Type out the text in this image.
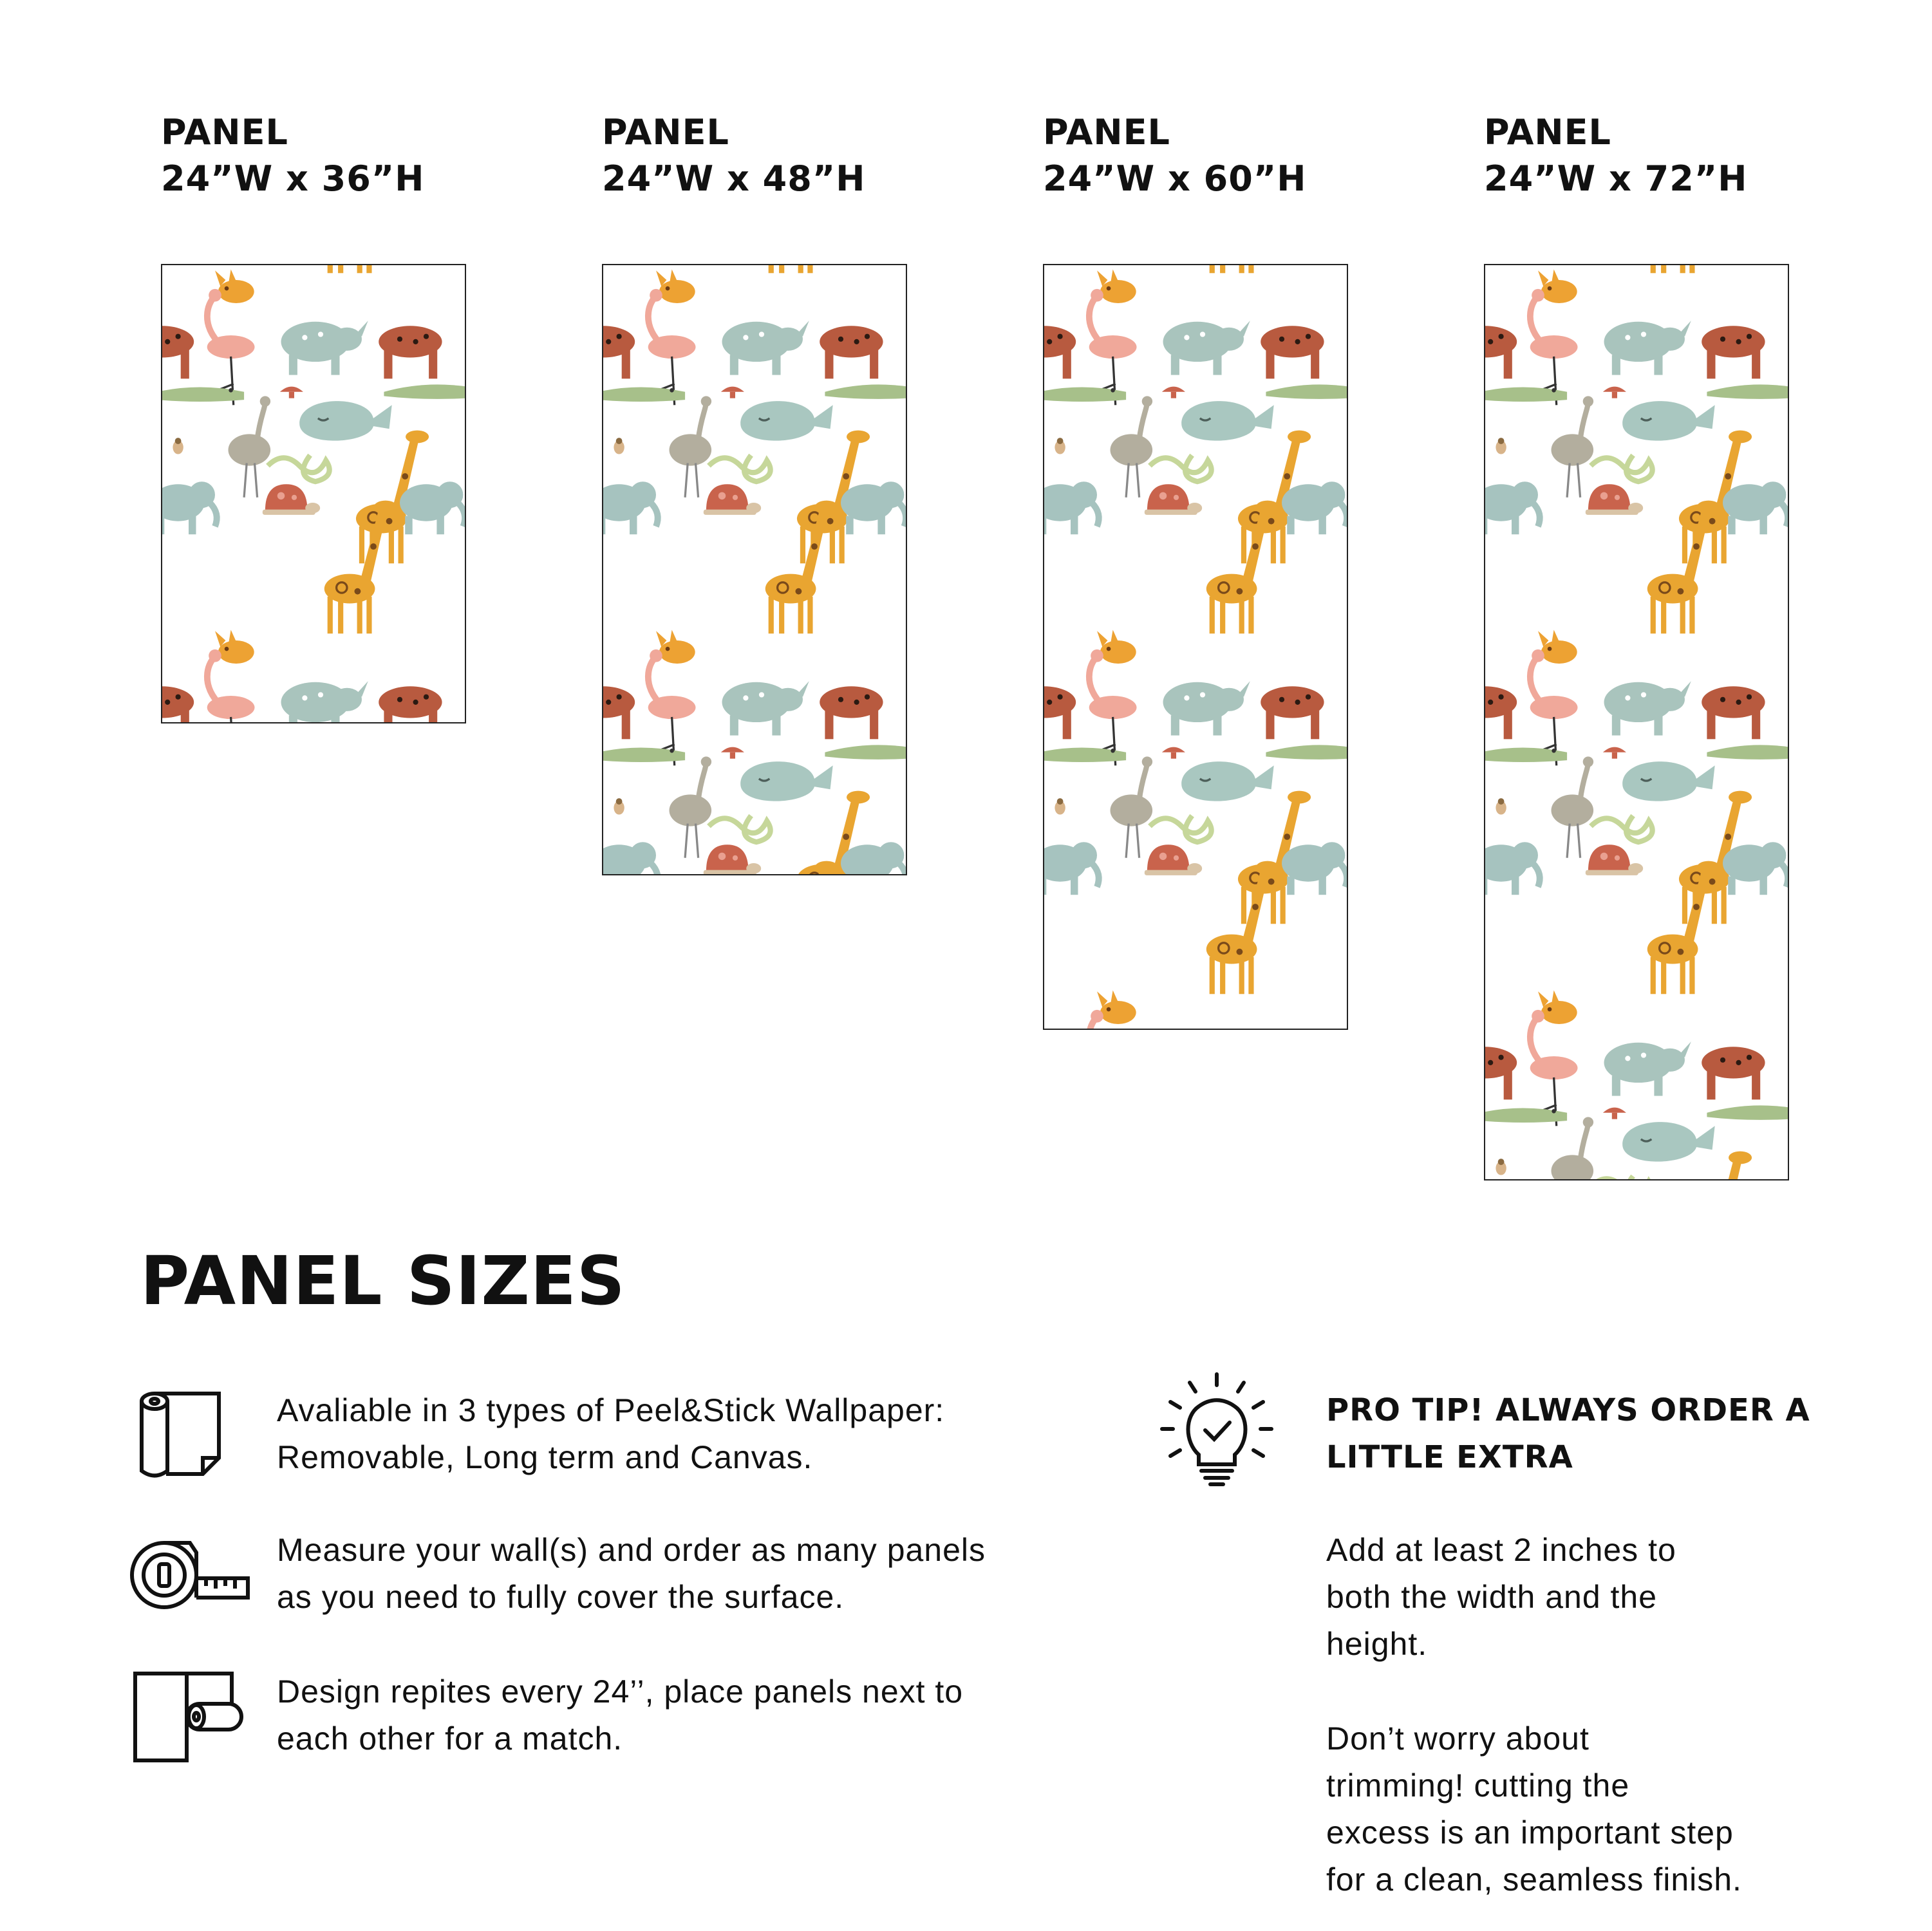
PANEL

24”W x 36”H

PANEL

24”W x 48”H

PANEL

24”W x 60”H

PANEL

24”W x 72”H

PANEL SIZES

Avaliable in 3 types of Peel&Stick Wallpaper:
Removable, Long term and Canvas.

Measure your wall(s) and order as many panels
as you need to fully cover the surface.

Design repites every 24’’, place panels next to
each other for a match.

PRO TIP! ALWAYS ORDER A
LITTLE EXTRA

Add at least 2 inches to
both the width and the
height.

Don’t worry about
trimming! cutting the
excess is an important step
for a clean, seamless finish.
